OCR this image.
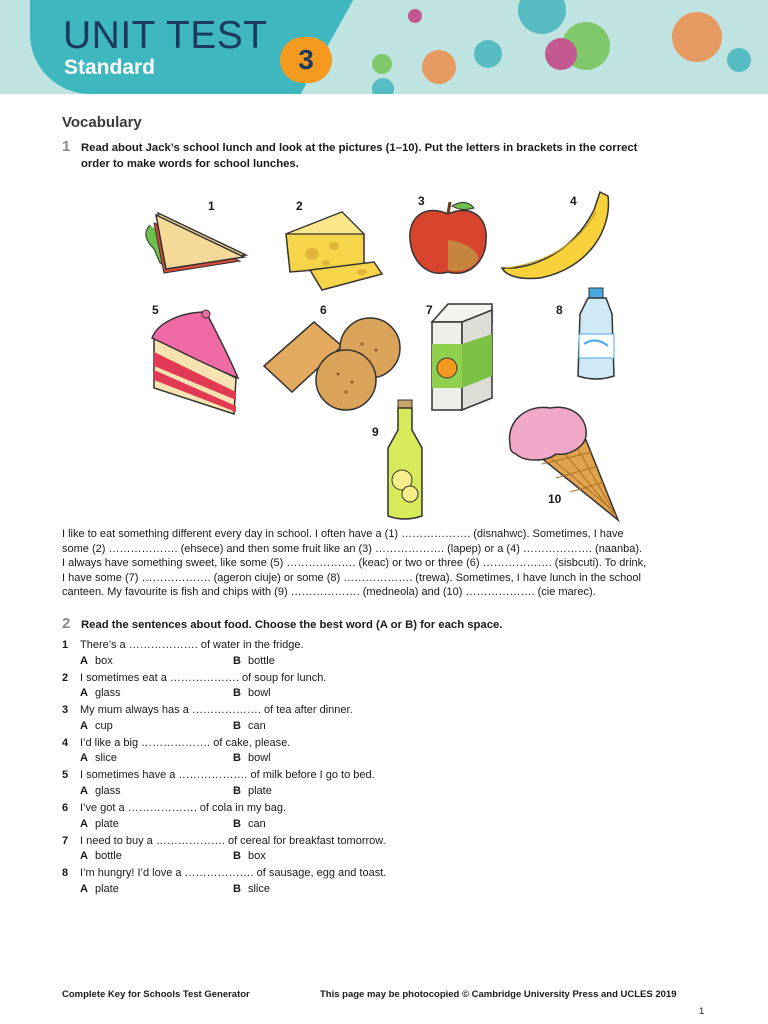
UNIT TEST
Standard	3
Vocabulary
1 Read about Jack’s school lunch and look at the pictures (1–10). Put the letters in brackets in the correct
order to make words for school lunches.
1	2	3	4
5	6	7	8
9
10
I like to eat something different every day in school. I often have a (1) ………………. (disnahwc). Sometimes, I have
some (2) ………………. (ehsece) and then some fruit like an (3) ………………. (lapep) or a (4) ………………. (naanba).
I always have something sweet, like some (5) ………………. (keac) or two or three (6) ………………. (sisbcuti). To drink,
I have some (7) ………………. (ageron ciuje) or some (8) ………………. (trewa). Sometimes, I have lunch in the school
canteen. My favourite is fish and chips with (9) ………………. (medneola) and (10) ………………. (cie marec).
2 Read the sentences about food. Choose the best word (A or B) for each space.
1 There’s a ………………. of water in the fridge.
A box	B bottle
2 I sometimes eat a ………………. of soup for lunch.
A glass	B bowl
3 My mum always has a ………………. of tea after dinner.
A cup	B can
4 I’d like a big ………………. of cake, please.
A slice	B bowl
5 I sometimes have a ………………. of milk before I go to bed.
A glass	B plate
6 I’ve got a ………………. of cola in my bag.
A plate	B can
7 I need to buy a ………………. of cereal for breakfast tomorrow.
A bottle	B box
8 I’m hungry! I’d love a ………………. of sausage, egg and toast.
A plate	B slice
Complete Key for Schools Test Generator	This page may be photocopied © Cambridge University Press and UCLES 2019
1
